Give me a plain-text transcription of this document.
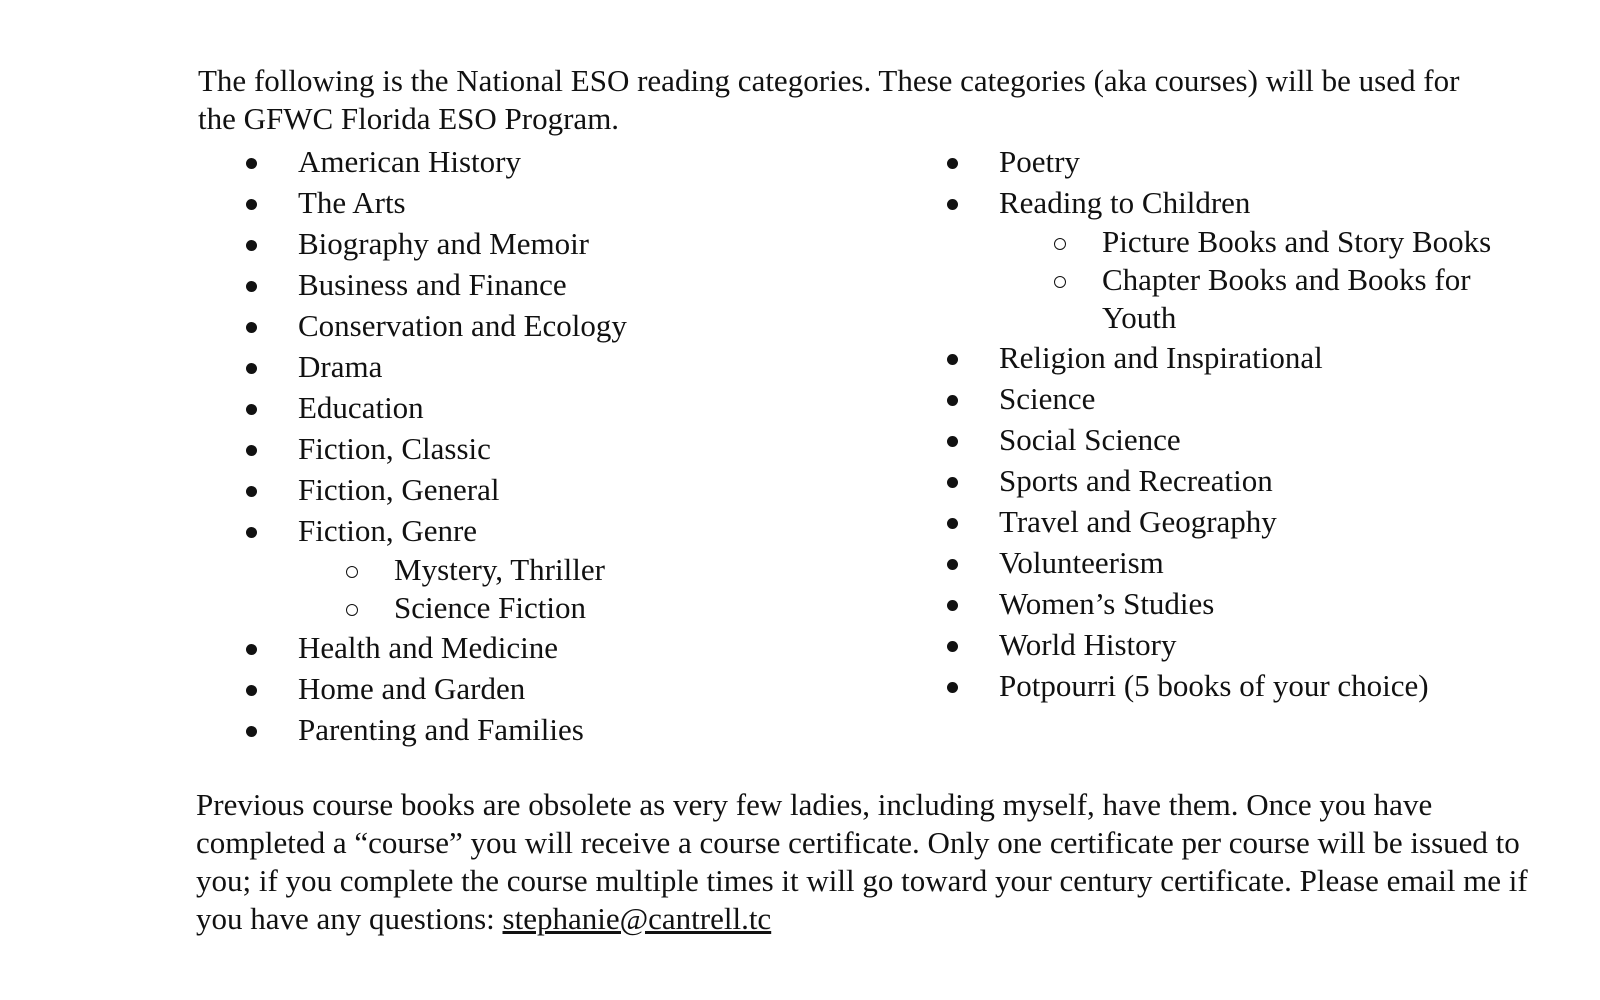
The following is the National ESO reading categories. These categories (aka courses) will be used for the GFWC Florida ESO Program.

American History
The Arts
Biography and Memoir
Business and Finance
Conservation and Ecology
Drama
Education
Fiction, Classic
Fiction, General
Fiction, Genre
Mystery, Thriller
Science Fiction
Health and Medicine
Home and Garden
Parenting and Families
Poetry
Reading to Children
Picture Books and Story Books
Chapter Books and Books for Youth
Religion and Inspirational
Science
Social Science
Sports and Recreation
Travel and Geography
Volunteerism
Women’s Studies
World History
Potpourri (5 books of your choice)

Previous course books are obsolete as very few ladies, including myself, have them. Once you have completed a “course” you will receive a course certificate. Only one certificate per course will be issued to you; if you complete the course multiple times it will go toward your century certificate. Please email me if you have any questions: stephanie@cantrell.tc
